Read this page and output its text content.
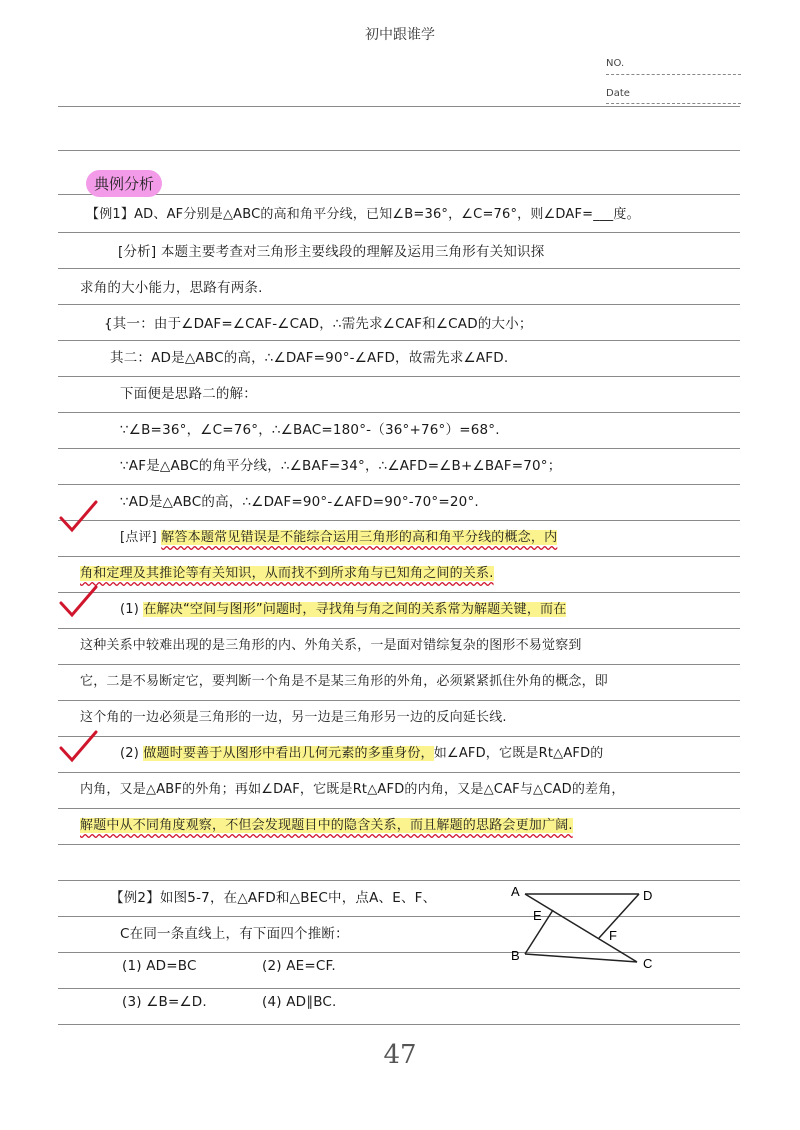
初中跟谁学
NO.
Date
典例分析
【例1】AD、AF分别是△ABC的高和角平分线，已知∠B=36°，∠C=76°，则∠DAF=___度。
[分析] 本题主要考查对三角形主要线段的理解及运用三角形有关知识探
求角的大小能力，思路有两条.
{其一：由于∠DAF=∠CAF-∠CAD，∴需先求∠CAF和∠CAD的大小；
其二：AD是△ABC的高，∴∠DAF=90°-∠AFD，故需先求∠AFD.
下面便是思路二的解：
∵∠B=36°，∠C=76°，∴∠BAC=180°-（36°+76°）=68°.
∵AF是△ABC的角平分线，∴∠BAF=34°，∴∠AFD=∠B+∠BAF=70°；
∵AD是△ABC的高，∴∠DAF=90°-∠AFD=90°-70°=20°.
[点评] 解答本题常见错误是不能综合运用三角形的高和角平分线的概念，内
角和定理及其推论等有关知识，从而找不到所求角与已知角之间的关系.
(1) 在解决“空间与图形”问题时，寻找角与角之间的关系常为解题关键，而在
这种关系中较难出现的是三角形的内、外角关系，一是面对错综复杂的图形不易觉察到
它，二是不易断定它，要判断一个角是不是某三角形的外角，必须紧紧抓住外角的概念，即
这个角的一边必须是三角形的一边，另一边是三角形另一边的反向延长线.
(2) 做题时要善于从图形中看出几何元素的多重身份，如∠AFD，它既是Rt△AFD的
内角，又是△ABF的外角；再如∠DAF，它既是Rt△AFD的内角，又是△CAF与△CAD的差角，
解题中从不同角度观察，不但会发现题目中的隐含关系，而且解题的思路会更加广阔.
【例2】如图5-7，在△AFD和△BEC中，点A、E、F、
C在同一条直线上，有下面四个推断：
(1) AD=BC	(2) AE=CF.
(3) ∠B=∠D.	(4) AD∥BC.
A	D
E
F
B
C
47
